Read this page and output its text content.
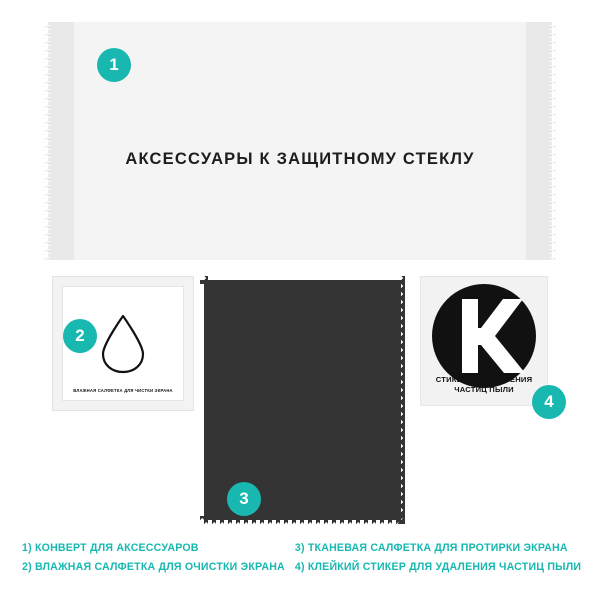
АКСЕССУАРЫ К ЗАЩИТНОМУ СТЕКЛУ
1
ВЛАЖНАЯ САЛФЕТКА ДЛЯ ЧИСТКИ ЭКРАНА
2
3
СТИКЕР ДЛЯ УДАЛЕНИЯ
ЧАСТИЦ ПЫЛИ
4
1) КОНВЕРТ ДЛЯ АКСЕССУАРОВ
2) ВЛАЖНАЯ САЛФЕТКА ДЛЯ ОЧИСТКИ ЭКРАНА
3) ТКАНЕВАЯ САЛФЕТКА ДЛЯ ПРОТИРКИ ЭКРАНА
4) КЛЕЙКИЙ СТИКЕР ДЛЯ УДАЛЕНИЯ ЧАСТИЦ ПЫЛИ
